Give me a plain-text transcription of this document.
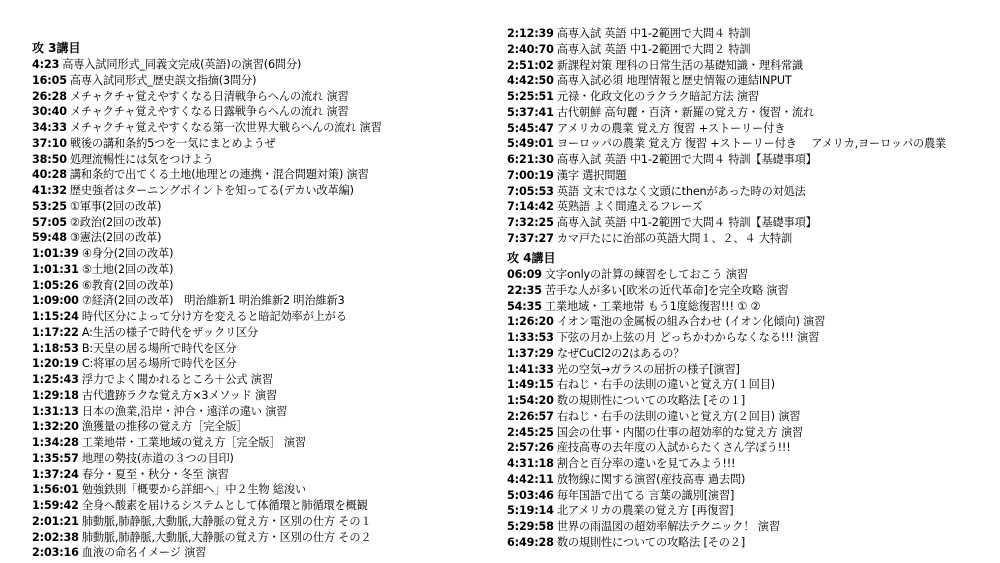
攻 3講目
4:23 高専入試同形式_同義文完成(英語)の演習(6問分)
16:05 高専入試同形式_歴史誤文指摘(3問分)
26:28 メチャクチャ覚えやすくなる日清戦争らへんの流れ 演習
30:40 メチャクチャ覚えやすくなる日露戦争らへんの流れ 演習
34:33 メチャクチャ覚えやすくなる第一次世界大戦らへんの流れ 演習
37:10 戦後の講和条約5つを一気にまとめようぜ
38:50 処理流暢性には気をつけよう
40:28 講和条約で出てくる土地(地理との連携・混合問題対策) 演習
41:32 歴史強者はターニングポイントを知ってる(デカい改革編)
53:25 ①軍事(2回の改革)
57:05 ②政治(2回の改革)
59:48 ③憲法(2回の改革)
1:01:39 ④身分(2回の改革)
1:01:31 ⑤土地(2回の改革)
1:05:26 ⑥教育(2回の改革)
1:09:00 ⑦経済(2回の改革)　明治維新1 明治維新2 明治維新3
1:15:24 時代区分によって分け方を変えると暗記効率が上がる
1:17:22 A:生活の様子で時代をザックリ区分
1:18:53 B:天皇の居る場所で時代を区分
1:20:19 C:将軍の居る場所で時代を区分
1:25:43 浮力でよく聞かれるところ＋公式 演習
1:29:18 古代遺跡ラクな覚え方×3メソッド 演習
1:31:13 日本の漁業,沿岸・沖合・遠洋の違い 演習
1:32:20 漁獲量の推移の覚え方［完全版］
1:34:28 工業地帯・工業地域の覚え方［完全版］ 演習
1:35:57 地理の勢技(赤道の３つの目印)
1:37:24 春分・夏至・秋分・冬至 演習
1:56:01 勉強鉄則「概要から詳細へ」中２生物 総浚い
1:59:42 全身へ酸素を届けるシステムとして体循環と肺循環を概観
2:01:21 肺動脈,肺静脈,大動脈,大静脈の覚え方・区別の仕方 その１
2:02:38 肺動脈,肺静脈,大動脈,大静脈の覚え方・区別の仕方 その２
2:03:16 血液の命名イメージ 演習
2:12:39 高専入試 英語 中1-2範囲で大問４ 特訓
2:40:70 高専入試 英語 中1-2範囲で大問２ 特訓
2:51:02 新課程対策 理科の日常生活の基礎知識・理科常識
4:42:50 高専入試必須 地理情報と歴史情報の連結INPUT
5:25:51 元禄・化政文化のラクラク暗記方法 演習
5:37:41 古代朝鮮 高句麗・百済・新羅の覚え方・復習・流れ
5:45:47 アメリカの農業 覚え方 復習 +ストーリー付き
5:49:01 ヨーロッパの農業 覚え方 復習 +ストーリー付き　 アメリカ,ヨーロッパの農業
6:21:30 高専入試 英語 中1-2範囲で大問４ 特訓【基礎事項】
7:00:19 漢字 選択問題
7:05:53 英語 文末ではなく文頭にthenがあった時の対処法
7:14:42 英熟語 よく間違えるフレーズ
7:32:25 高専入試 英語 中1-2範囲で大問４ 特訓【基礎事項】
7:37:27 カマ戸たにに治部の英語大問１、２、４ 大特訓
攻 4講目
06:09 文字onlyの計算の練習をしておこう 演習
22:35 苦手な人が多い[欧米の近代革命]を完全攻略 演習
54:35 工業地域・工業地帯 もう1度総復習!!! ① ②
1:26:20 イオン電池の金属板の組み合わせ (イオン化傾向) 演習
1:33:53 下弦の月か上弦の月 どっちかわからなくなる!!! 演習
1:37:29 なぜCuCl2の2はあるの？
1:41:33 光の空気→ガラスの屈折の様子[演習]
1:49:15 右ねじ・右手の法則の違いと覚え方(１回目)
1:54:20 数の規則性についての攻略法 [その１]
2:26:57 右ねじ・右手の法則の違いと覚え方(２回目) 演習
2:45:25 国会の仕事・内閣の仕事の超効率的な覚え方 演習
2:57:26 産技高専の去年度の入試からたくさん学ぼう!!!
4:31:18 割合と百分率の違いを見てみよう!!!
4:42:11 放物線に関する演習(産技高専 過去問)
5:03:46 毎年国語で出てる 言葉の識別[演習]
5:19:14 北アメリカの農業の覚え方 [再復習]
5:29:58 世界の雨温図の超効率解法テクニック！ 演習
6:49:28 数の規則性についての攻略法 [その２]
